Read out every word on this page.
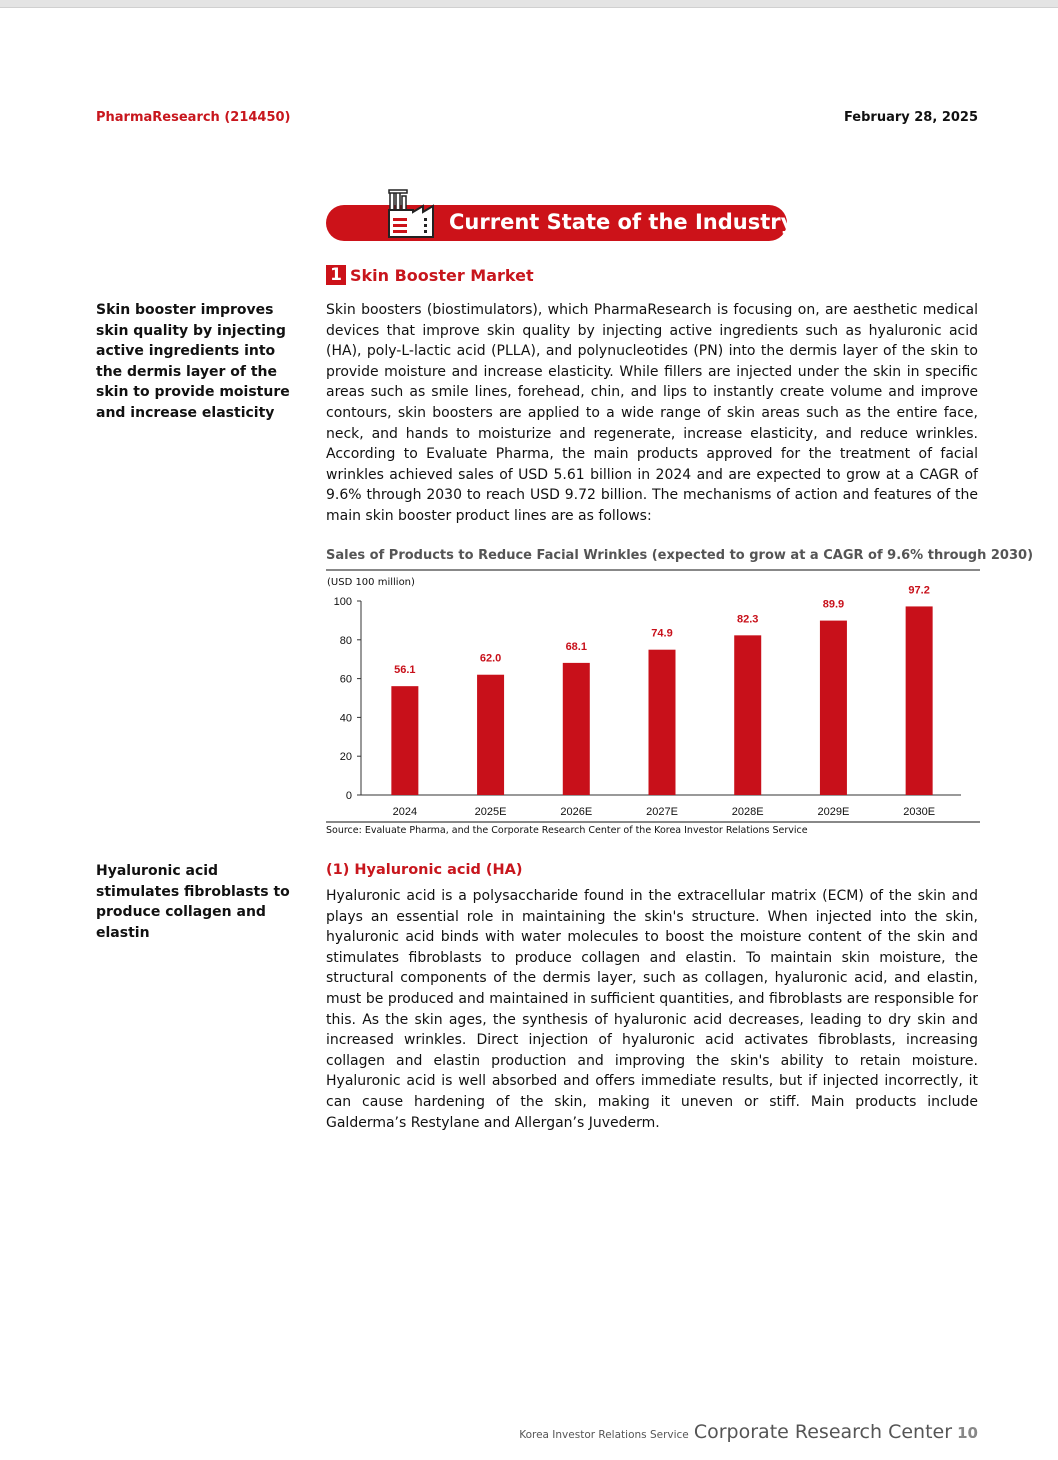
PharmaResearch (214450)	February 28, 2025
Current State of the Industry
1 Skin Booster Market
Skin booster improves skin quality by injecting active ingredients into the dermis layer of the skin to provide moisture and increase elasticity

Skin boosters (biostimulators), which PharmaResearch is focusing on, are aesthetic medical devices that improve skin quality by injecting active ingredients such as hyaluronic acid (HA), poly-L-lactic acid (PLLA), and polynucleotides (PN) into the dermis layer of the skin to provide moisture and increase elasticity. While fillers are injected under the skin in specific areas such as smile lines, forehead, chin, and lips to instantly create volume and improve contours, skin boosters are applied to a wide range of skin areas such as the entire face, neck, and hands to moisturize and regenerate, increase elasticity, and reduce wrinkles. According to Evaluate Pharma, the main products approved for the treatment of facial wrinkles achieved sales of USD 5.61 billion in 2024 and are expected to grow at a CAGR of 9.6% through 2030 to reach USD 9.72 billion. The mechanisms of action and features of the main skin booster product lines are as follows:

Sales of Products to Reduce Facial Wrinkles (expected to grow at a CAGR of 9.6% through 2030)
(USD 100 million)
0
20
40
60
80
100
56.1
2024
62.0
2025E
68.1
2026E
74.9
2027E
82.3
2028E
89.9
2029E
97.2
2030E
Source: Evaluate Pharma, and the Corporate Research Center of the Korea Investor Relations Service
Hyaluronic acid stimulates fibroblasts to produce collagen and elastin
(1) Hyaluronic acid (HA)

Hyaluronic acid is a polysaccharide found in the extracellular matrix (ECM) of the skin and plays an essential role in maintaining the skin's structure. When injected into the skin, hyaluronic acid binds with water molecules to boost the moisture content of the skin and stimulates fibroblasts to produce collagen and elastin. To maintain skin moisture, the structural components of the dermis layer, such as collagen, hyaluronic acid, and elastin, must be produced and maintained in sufficient quantities, and fibroblasts are responsible for this. As the skin ages, the synthesis of hyaluronic acid decreases, leading to dry skin and increased wrinkles. Direct injection of hyaluronic acid activates fibroblasts, increasing collagen and elastin production and improving the skin's ability to retain moisture. Hyaluronic acid is well absorbed and offers immediate results, but if injected incorrectly, it can cause hardening of the skin, making it uneven or stiff. Main products include Galderma’s Restylane and Allergan’s Juvederm.

Korea Investor Relations Service Corporate Research Center 10
